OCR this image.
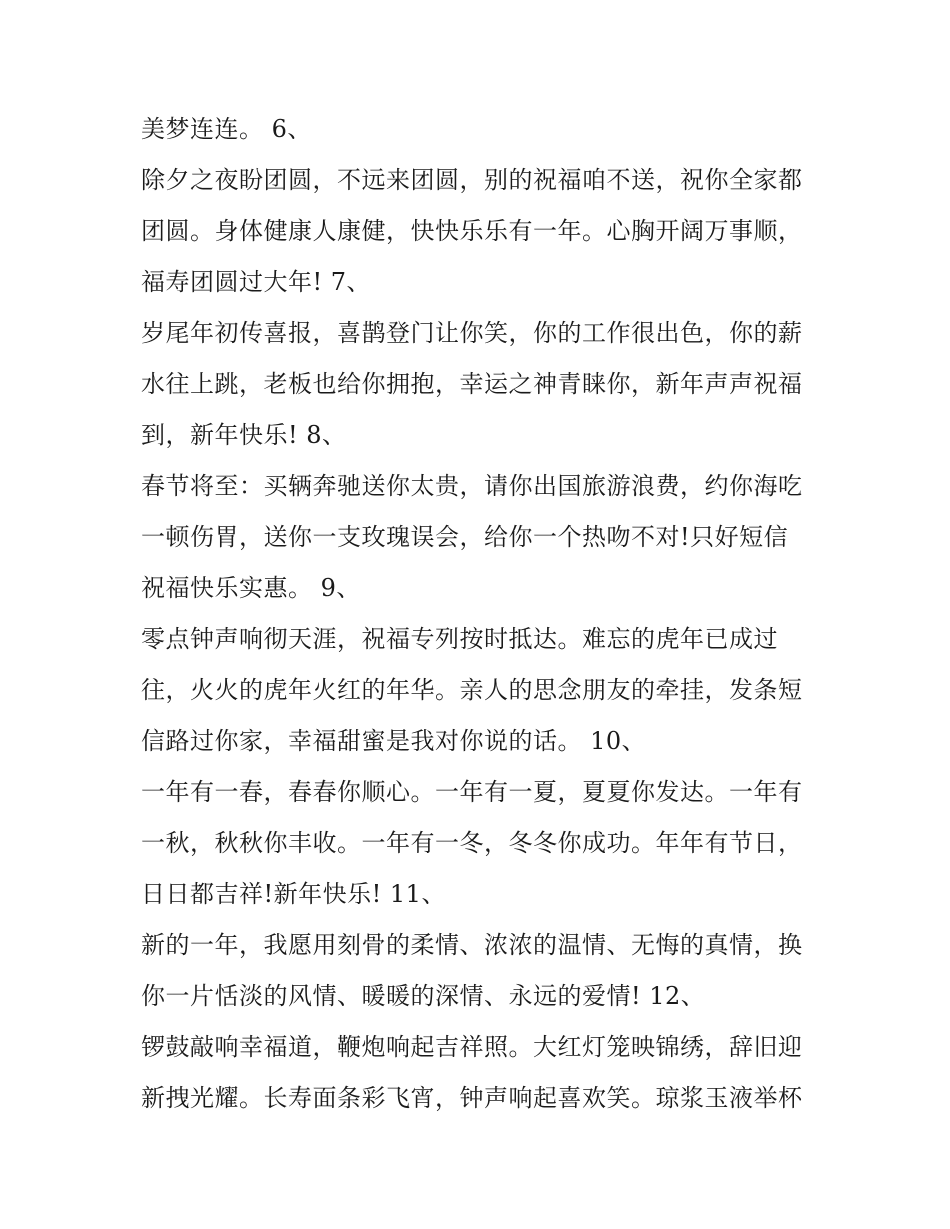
美梦连连。 6、
除夕之夜盼团圆，不远来团圆，别的祝福咱不送，祝你全家都
团圆。身体健康人康健，快快乐乐有一年。心胸开阔万事顺，
福寿团圆过大年! 7、
岁尾年初传喜报，喜鹊登门让你笑，你的工作很出色，你的薪
水往上跳，老板也给你拥抱，幸运之神青睐你，新年声声祝福
到，新年快乐! 8、
春节将至：买辆奔驰送你太贵，请你出国旅游浪费，约你海吃
一顿伤胃，送你一支玫瑰误会，给你一个热吻不对!只好短信
祝福快乐实惠。 9、
零点钟声响彻天涯，祝福专列按时抵达。难忘的虎年已成过
往，火火的虎年火红的年华。亲人的思念朋友的牵挂，发条短
信路过你家，幸福甜蜜是我对你说的话。 10、
一年有一春，春春你顺心。一年有一夏，夏夏你发达。一年有
一秋，秋秋你丰收。一年有一冬，冬冬你成功。年年有节日，
日日都吉祥!新年快乐! 11、
新的一年，我愿用刻骨的柔情、浓浓的温情、无悔的真情，换
你一片恬淡的风情、暖暖的深情、永远的爱情! 12、
锣鼓敲响幸福道，鞭炮响起吉祥照。大红灯笼映锦绣，辞旧迎
新拽光耀。长寿面条彩飞宵，钟声响起喜欢笑。琼浆玉液举杯
